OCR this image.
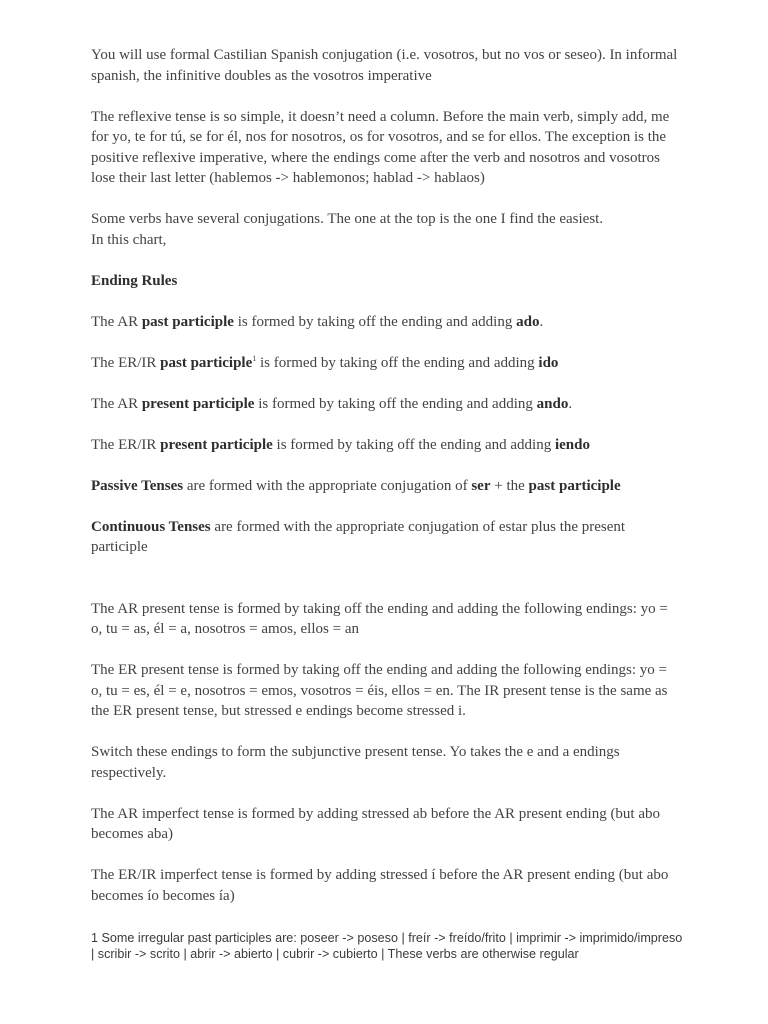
You will use formal Castilian Spanish conjugation (i.e. vosotros, but no vos or seseo). In informal spanish, the infinitive doubles as the vosotros imperative

The reflexive tense is so simple, it doesn’t need a column. Before the main verb, simply add, me for yo, te for tú, se for él, nos for nosotros, os for vosotros, and se for ellos. The exception is the positive reflexive imperative, where the endings come after the verb and nosotros and vosotros lose their last letter (hablemos -> hablemonos; hablad -> hablaos)

Some verbs have several conjugations. The one at the top is the one I find the easiest.
In this chart,

Ending Rules

The AR past participle is formed by taking off the ending and adding ado.

The ER/IR past participle$^1$ is formed by taking off the ending and adding ido

The AR present participle is formed by taking off the ending and adding ando.

The ER/IR present participle is formed by taking off the ending and adding iendo

Passive Tenses are formed with the appropriate conjugation of ser + the past participle

Continuous Tenses are formed with the appropriate conjugation of estar plus the present participle

The AR present tense is formed by taking off the ending and adding the following endings: yo = o, tu = as, él = a, nosotros = amos, ellos = an

The ER present tense is formed by taking off the ending and adding the following endings: yo = o, tu = es, él = e, nosotros = emos, vosotros = éis, ellos = en. The IR present tense is the same as the ER present tense, but stressed e endings become stressed i.

Switch these endings to form the subjunctive present tense. Yo takes the e and a endings respectively.

The AR imperfect tense is formed by adding stressed ab before the AR present ending (but abo becomes aba)

The ER/IR imperfect tense is formed by adding stressed í before the AR present ending (but abo becomes ío becomes ía)

1 Some irregular past participles are: poseer -> poseso | freír -> freído/frito | imprimir -> imprimido/impreso | scribir -> scrito | abrir -> abierto | cubrir -> cubierto | These verbs are otherwise regular
